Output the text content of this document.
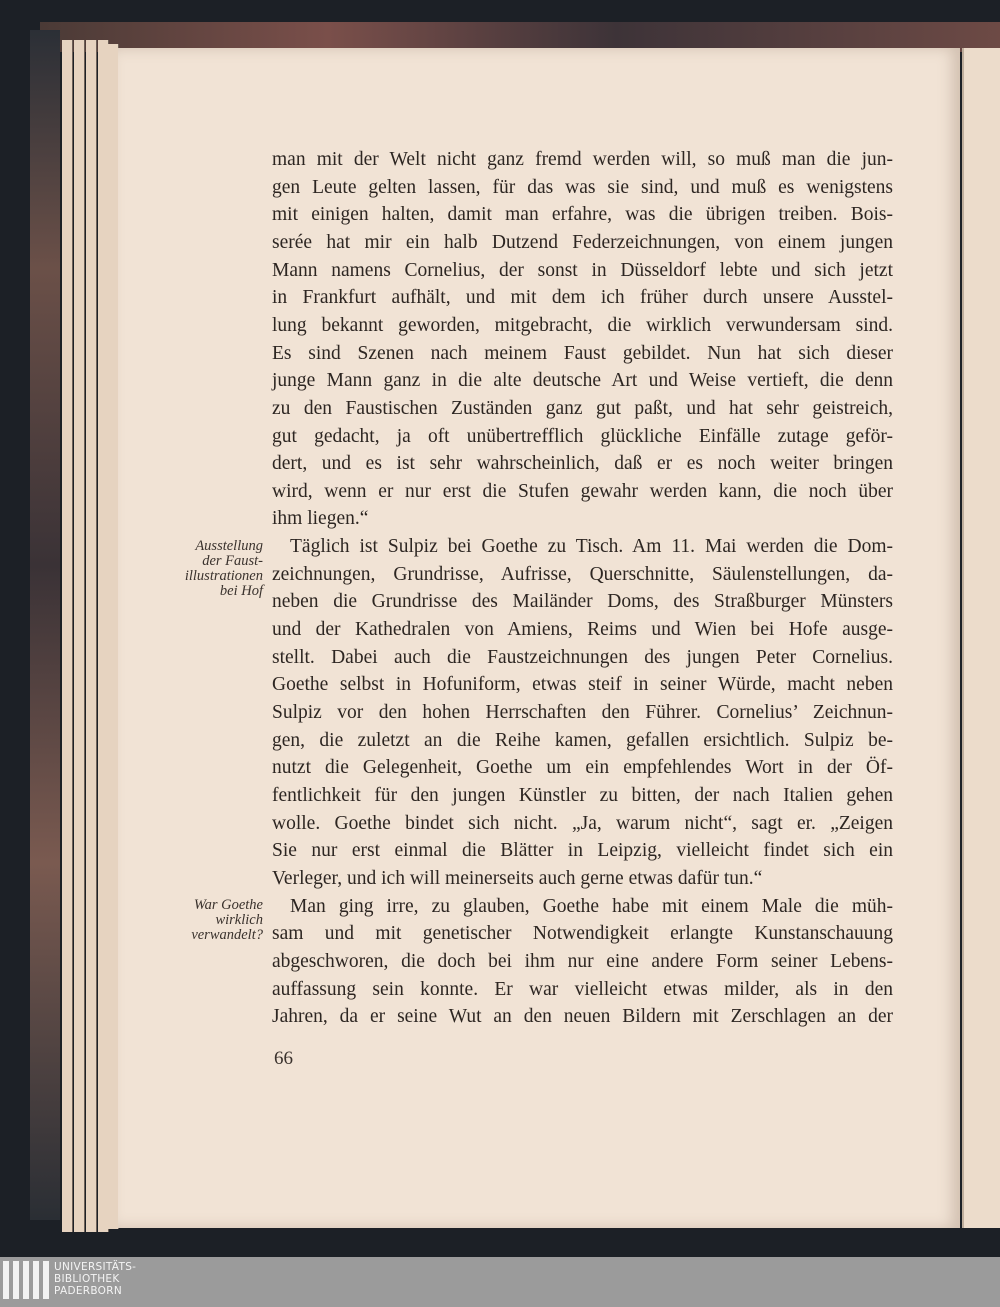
man mit der Welt nicht ganz fremd werden will, so muß man die jun-
gen Leute gelten lassen, für das was sie sind, und muß es wenigstens
mit einigen halten, damit man erfahre, was die übrigen treiben. Bois-
serée hat mir ein halb Dutzend Federzeichnungen, von einem jungen
Mann namens Cornelius, der sonst in Düsseldorf lebte und sich jetzt
in Frankfurt aufhält, und mit dem ich früher durch unsere Ausstel-
lung bekannt geworden, mitgebracht, die wirklich verwundersam sind.
Es sind Szenen nach meinem Faust gebildet. Nun hat sich dieser
junge Mann ganz in die alte deutsche Art und Weise vertieft, die denn
zu den Faustischen Zuständen ganz gut paßt, und hat sehr geistreich,
gut gedacht, ja oft unübertrefflich glückliche Einfälle zutage geför-
dert, und es ist sehr wahrscheinlich, daß er es noch weiter bringen
wird, wenn er nur erst die Stufen gewahr werden kann, die noch über
ihm liegen.“
Täglich ist Sulpiz bei Goethe zu Tisch. Am 11. Mai werden die Dom-
zeichnungen, Grundrisse, Aufrisse, Querschnitte, Säulenstellungen, da-
neben die Grundrisse des Mailänder Doms, des Straßburger Münsters
und der Kathedralen von Amiens, Reims und Wien bei Hofe ausge-
stellt. Dabei auch die Faustzeichnungen des jungen Peter Cornelius.
Goethe selbst in Hofuniform, etwas steif in seiner Würde, macht neben
Sulpiz vor den hohen Herrschaften den Führer. Cornelius’ Zeichnun-
gen, die zuletzt an die Reihe kamen, gefallen ersichtlich. Sulpiz be-
nutzt die Gelegenheit, Goethe um ein empfehlendes Wort in der Öf-
fentlichkeit für den jungen Künstler zu bitten, der nach Italien gehen
wolle. Goethe bindet sich nicht. „Ja, warum nicht“, sagt er. „Zeigen
Sie nur erst einmal die Blätter in Leipzig, vielleicht findet sich ein
Verleger, und ich will meinerseits auch gerne etwas dafür tun.“
Man ging irre, zu glauben, Goethe habe mit einem Male die müh-
sam und mit genetischer Notwendigkeit erlangte Kunstanschauung
abgeschworen, die doch bei ihm nur eine andere Form seiner Lebens-
auffassung sein konnte. Er war vielleicht etwas milder, als in den
Jahren, da er seine Wut an den neuen Bildern mit Zerschlagen an der
Ausstellung
der Faust-
illustrationen
bei Hof
War Goethe
wirklich
verwandelt?
66
UNIVERSITÄTS-
BIBLIOTHEK
PADERBORN
